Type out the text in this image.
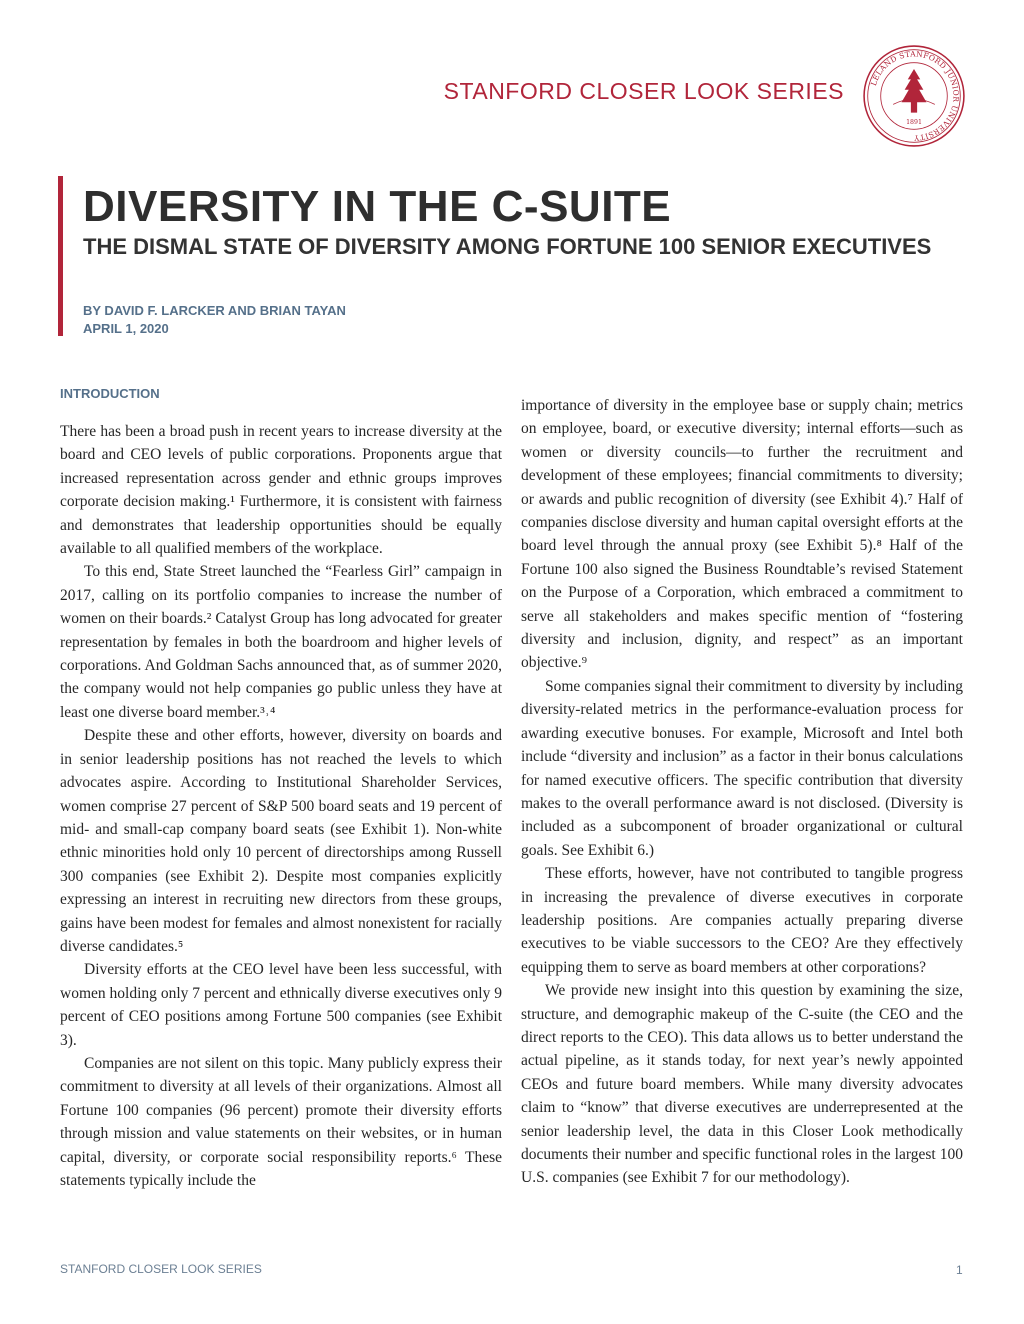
STANFORD CLOSER LOOK SERIES	LELAND STANFORD JUNIOR UNIVERSITY
1891
DIVERSITY IN THE C-SUITE
THE DISMAL STATE OF DIVERSITY AMONG FORTUNE 100 SENIOR EXECUTIVES
BY DAVID F. LARCKER AND BRIAN TAYAN
APRIL 1, 2020
INTRODUCTION

There has been a broad push in recent years to increase diversity at the board and CEO levels of public corporations. Proponents argue that increased representation across gender and ethnic groups improves corporate decision making.¹ Furthermore, it is consistent with fairness and demonstrates that leadership opportunities should be equally available to all qualified members of the workplace.

To this end, State Street launched the “Fearless Girl” campaign in 2017, calling on its portfolio companies to increase the number of women on their boards.² Catalyst Group has long advocated for greater representation by females in both the boardroom and higher levels of corporations. And Goldman Sachs announced that, as of summer 2020, the company would not help companies go public unless they have at least one diverse board member.³˒⁴

Despite these and other efforts, however, diversity on boards and in senior leadership positions has not reached the levels to which advocates aspire. According to Institutional Shareholder Services, women comprise 27 percent of S&P 500 board seats and 19 percent of mid- and small-cap company board seats (see Exhibit 1). Non-white ethnic minorities hold only 10 percent of directorships among Russell 300 companies (see Exhibit 2). Despite most companies explicitly expressing an interest in recruiting new directors from these groups, gains have been modest for females and almost nonexistent for racially diverse candidates.⁵

Diversity efforts at the CEO level have been less successful, with women holding only 7 percent and ethnically diverse executives only 9 percent of CEO positions among Fortune 500 companies (see Exhibit 3).

Companies are not silent on this topic. Many publicly express their commitment to diversity at all levels of their organizations. Almost all Fortune 100 companies (96 percent) promote their diversity efforts through mission and value statements on their websites, or in human capital, diversity, or corporate social responsibility reports.⁶ These statements typically include the

importance of diversity in the employee base or supply chain; metrics on employee, board, or executive diversity; internal efforts—such as women or diversity councils—to further the recruitment and development of these employees; financial commitments to diversity; or awards and public recognition of diversity (see Exhibit 4).⁷ Half of companies disclose diversity and human capital oversight efforts at the board level through the annual proxy (see Exhibit 5).⁸ Half of the Fortune 100 also signed the Business Roundtable’s revised Statement on the Purpose of a Corporation, which embraced a commitment to serve all stakeholders and makes specific mention of “fostering diversity and inclusion, dignity, and respect” as an important objective.⁹

Some companies signal their commitment to diversity by including diversity-related metrics in the performance-evaluation process for awarding executive bonuses. For example, Microsoft and Intel both include “diversity and inclusion” as a factor in their bonus calculations for named executive officers. The specific contribution that diversity makes to the overall performance award is not disclosed. (Diversity is included as a subcomponent of broader organizational or cultural goals. See Exhibit 6.)

These efforts, however, have not contributed to tangible progress in increasing the prevalence of diverse executives in corporate leadership positions. Are companies actually preparing diverse executives to be viable successors to the CEO? Are they effectively equipping them to serve as board members at other corporations?

We provide new insight into this question by examining the size, structure, and demographic makeup of the C-suite (the CEO and the direct reports to the CEO). This data allows us to better understand the actual pipeline, as it stands today, for next year’s newly appointed CEOs and future board members. While many diversity advocates claim to “know” that diverse executives are underrepresented at the senior leadership level, the data in this Closer Look methodically documents their number and specific functional roles in the largest 100 U.S. companies (see Exhibit 7 for our methodology).

STANFORD CLOSER LOOK SERIES	1
